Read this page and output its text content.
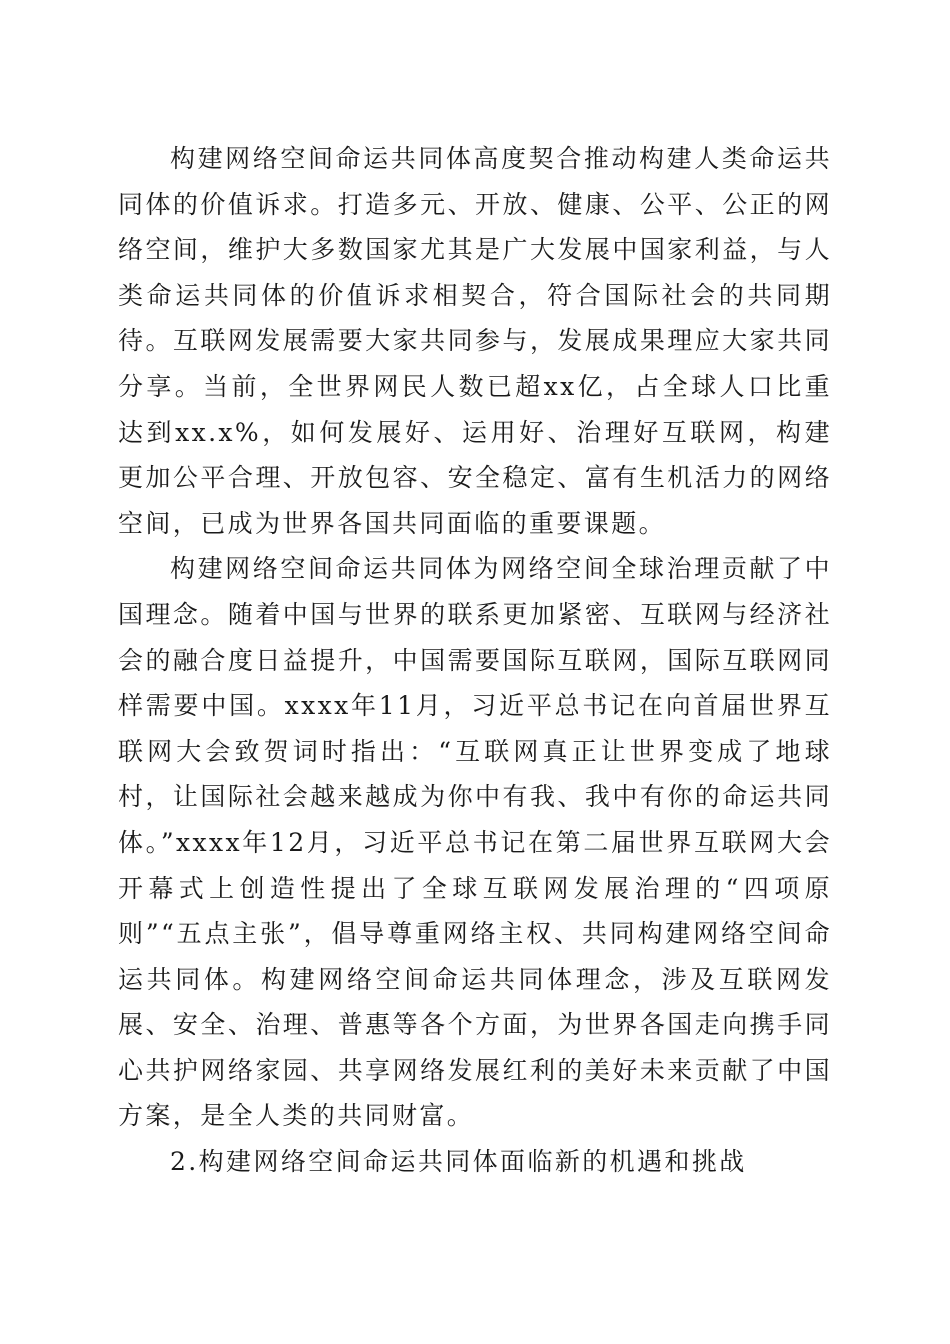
构建网络空间命运共同体高度契合推动构建人类命运共同体的价值诉求。打造多元、开放、健康、公平、公正的网络空间，维护大多数国家尤其是广大发展中国家利益，与人类命运共同体的价值诉求相契合，符合国际社会的共同期待。互联网发展需要大家共同参与，发展成果理应大家共同分享。当前，全世界网民人数已超xx亿，占全球人口比重达到xx.x%，如何发展好、运用好、治理好互联网，构建更加公平合理、开放包容、安全稳定、富有生机活力的网络空间，已成为世界各国共同面临的重要课题。

构建网络空间命运共同体为网络空间全球治理贡献了中国理念。随着中国与世界的联系更加紧密、互联网与经济社会的融合度日益提升，中国需要国际互联网，国际互联网同样需要中国。xxxx年11月，习近平总书记在向首届世界互联网大会致贺词时指出：“互联网真正让世界变成了地球村，让国际社会越来越成为你中有我、我中有你的命运共同体。”xxxx年12月，习近平总书记在第二届世界互联网大会开幕式上创造性提出了全球互联网发展治理的“四项原则”“五点主张”，倡导尊重网络主权、共同构建网络空间命运共同体。构建网络空间命运共同体理念，涉及互联网发展、安全、治理、普惠等各个方面，为世界各国走向携手同心共护网络家园、共享网络发展红利的美好未来贡献了中国方案，是全人类的共同财富。

2.构建网络空间命运共同体面临新的机遇和挑战
